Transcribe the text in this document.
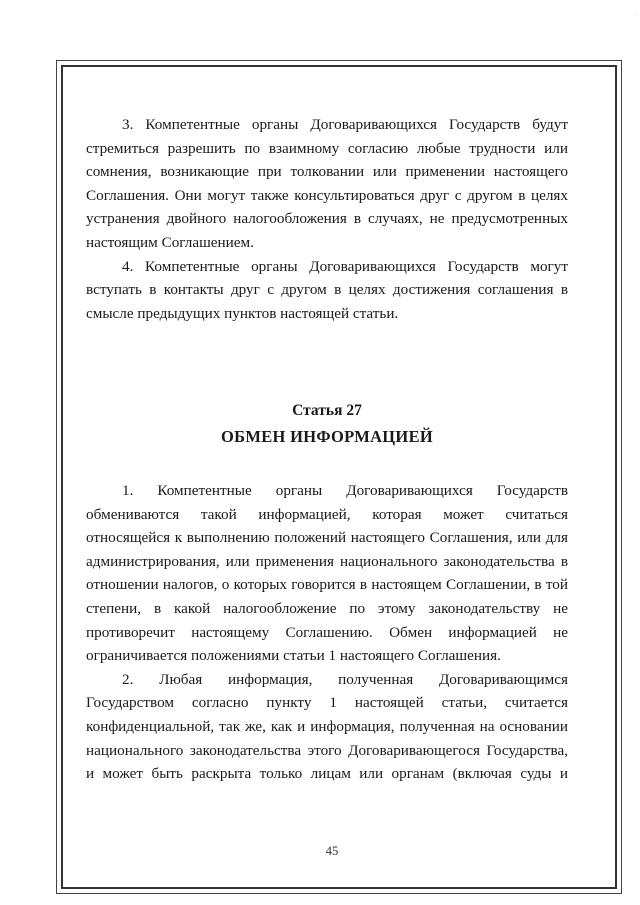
·
3. Компетентные органы Договаривающихся Государств будут
стремиться разрешить по взаимному согласию любые трудности или
сомнения, возникающие при толковании или применении настоящего
Соглашения. Они могут также консультироваться друг с другом в целях
устранения двойного налогообложения в случаях, не предусмотренных
настоящим Соглашением.
4. Компетентные органы Договаривающихся Государств могут
вступать в контакты друг с другом в целях достижения соглашения в
смысле предыдущих пунктов настоящей статьи.
Статья 27
ОБМЕН ИНФОРМАЦИЕЙ
1. Компетентные органы Договаривающихся Государств
обмениваются такой информацией, которая может считаться
относящейся к выполнению положений настоящего Соглашения, или для
администрирования, или применения национального законодательства в
отношении налогов, о которых говорится в настоящем Соглашении, в той
степени, в какой налогообложение по этому законодательству не
противоречит настоящему Соглашению. Обмен информацией не
ограничивается положениями статьи 1 настоящего Соглашения.
2. Любая информация, полученная Договаривающимся
Государством согласно пункту 1 настоящей статьи, считается
конфиденциальной, так же, как и информация, полученная на основании
национального законодательства этого Договаривающегося Государства,
и может быть раскрыта только лицам или органам (включая суды и
45
